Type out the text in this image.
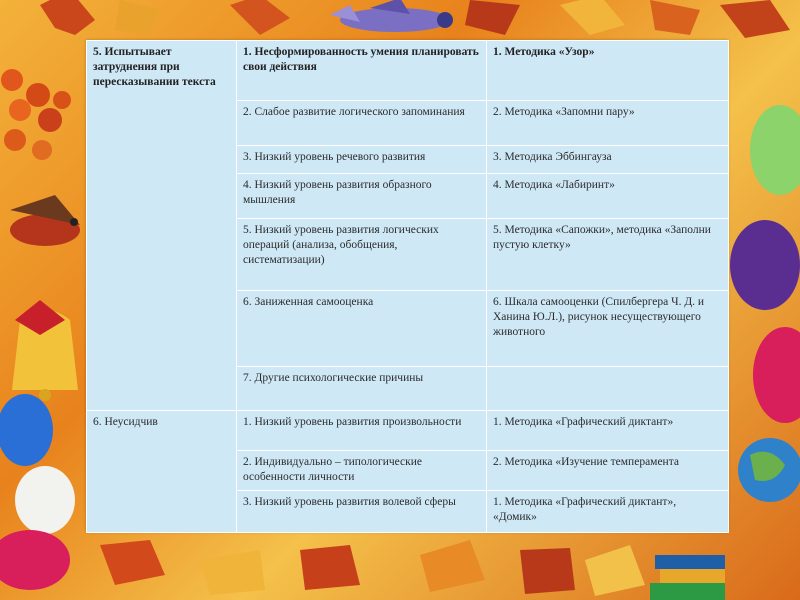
5. Испытывает затруднения при пересказывании текста	1. Несформированность умения планировать свои действия	1. Методика «Узор»
	2. Слабое развитие логического запоминания	2. Методика «Запомни пару»
	3. Низкий уровень речевого развития	3. Методика Эббингауза
	4. Низкий уровень развития образного мышления	4. Методика «Лабиринт»
	5. Низкий уровень развития логических операций (анализа, обобщения, систематизации)	5. Методика «Сапожки», методика «Заполни пустую клетку»
	6. Заниженная самооценка	6. Шкала самооценки (Спилбергера Ч. Д. и Ханина Ю.Л.), рисунок несуществующего животного
	7. Другие психологические причины	
6. Неусидчив	1. Низкий уровень развития произвольности	1. Методика «Графический диктант»
	2. Индивидуально – типологические особенности личности	2. Методика «Изучение темперамента
	3. Низкий уровень развития волевой сферы	1. Методика «Графический диктант», «Домик»
